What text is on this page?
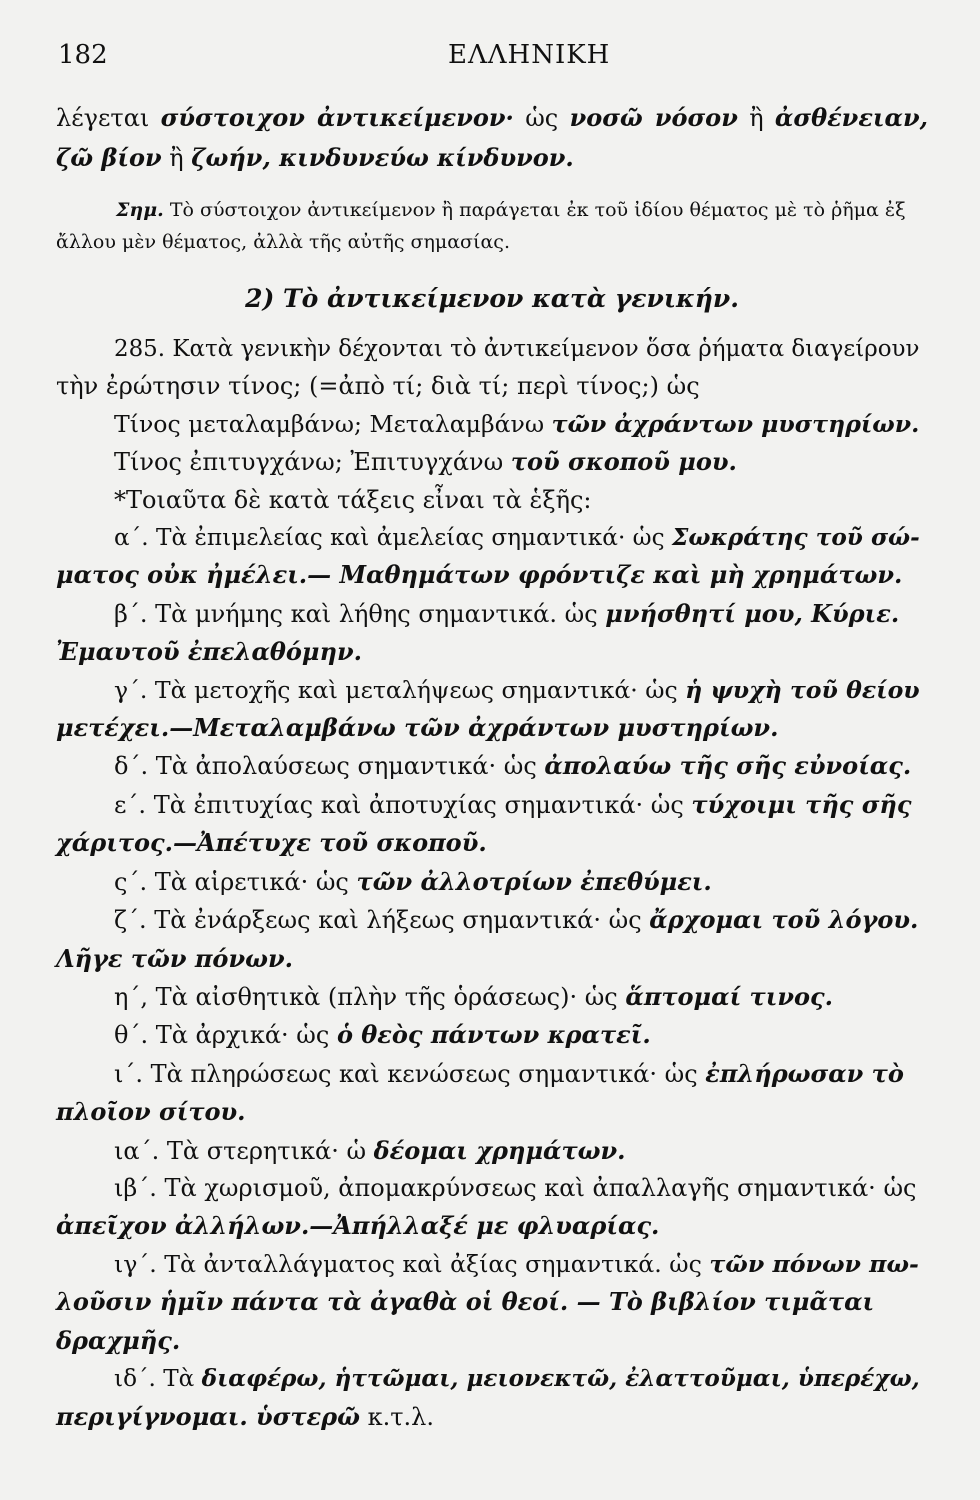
182	ΕΛΛΗΝΙΚΗ

λέγεται σύστοιχον ἀντικείμενον· ὡς νοσῶ νόσον ἢ ἀσθένειαν, ζῶ βίον ἢ ζωήν, κινδυνεύω κίνδυνον.

Σημ. Τὸ σύστοιχον ἀντικείμενον ἢ παράγεται ἐκ τοῦ ἰδίου θέματος μὲ τὸ ῥῆμα ἐξ ἄλλου μὲν θέματος, ἀλλὰ τῆς αὐτῆς σημασίας.

2) Τὸ ἀντικείμενον κατὰ γενικήν.
285. Κατὰ γενικὴν δέχονται τὸ ἀντικείμενον ὅσα ῥήματα διαγείρουν
τὴν ἐρώτησιν τίνος; (=ἀπὸ τί; διὰ τί; περὶ τίνος;) ὡς
Τίνος μεταλαμβάνω; Μεταλαμβάνω τῶν ἀχράντων μυστηρίων.
Τίνος ἐπιτυγχάνω; Ἐπιτυγχάνω τοῦ σκοποῦ μου.
*Τοιαῦτα δὲ κατὰ τάξεις εἶναι τὰ ἑξῆς:
α΄. Τὰ ἐπιμελείας καὶ ἀμελείας σημαντικά· ὡς Σωκράτης τοῦ σώ-
ματος οὐκ ἠμέλει.— Μαθημάτων φρόντιζε καὶ μὴ χρημάτων.
β΄. Τὰ μνήμης καὶ λήθης σημαντικά. ὡς μνήσθητί μου, Κύριε.
Ἐμαυτοῦ ἐπελαθόμην.
γ΄. Τὰ μετοχῆς καὶ μεταλήψεως σημαντικά· ὡς ἡ ψυχὴ τοῦ θείου
μετέχει.—Μεταλαμβάνω τῶν ἀχράντων μυστηρίων.
δ΄. Τὰ ἀπολαύσεως σημαντικά· ὡς ἀπολαύω τῆς σῆς εὐνοίας.
ε΄. Τὰ ἐπιτυχίας καὶ ἀποτυχίας σημαντικά· ὡς τύχοιμι τῆς σῆς
χάριτος.—Ἀπέτυχε τοῦ σκοποῦ.
ς΄. Τὰ αἱρετικά· ὡς τῶν ἀλλοτρίων ἐπεθύμει.
ζ΄. Τὰ ἐνάρξεως καὶ λήξεως σημαντικά· ὡς ἄρχομαι τοῦ λόγου.
Λῆγε τῶν πόνων.
η΄, Τὰ αἰσθητικὰ (πλὴν τῆς ὁράσεως)· ὡς ἅπτομαί τινος.
θ΄. Τὰ ἀρχικά· ὡς ὁ θεὸς πάντων κρατεῖ.
ι΄. Τὰ πληρώσεως καὶ κενώσεως σημαντικά· ὡς ἐπλήρωσαν τὸ
πλοῖον σίτου.
ια΄. Τὰ στερητικά· ὡ δέομαι χρημάτων.
ιβ΄. Τὰ χωρισμοῦ, ἀπομακρύνσεως καὶ ἀπαλλαγῆς σημαντικά· ὡς
ἀπεῖχον ἀλλήλων.—Ἀπήλλαξέ με φλυαρίας.
ιγ΄. Τὰ ἀνταλλάγματος καὶ ἀξίας σημαντικά. ὡς τῶν πόνων πω-
λοῦσιν ἡμῖν πάντα τὰ ἀγαθὰ οἱ θεοί. — Τὸ βιβλίον τιμᾶται
δραχμῆς.
ιδ΄. Τὰ διαφέρω, ἡττῶμαι, μειονεκτῶ, ἐλαττοῦμαι, ὑπερέχω,
περιγίγνομαι. ὑστερῶ κ.τ.λ.
